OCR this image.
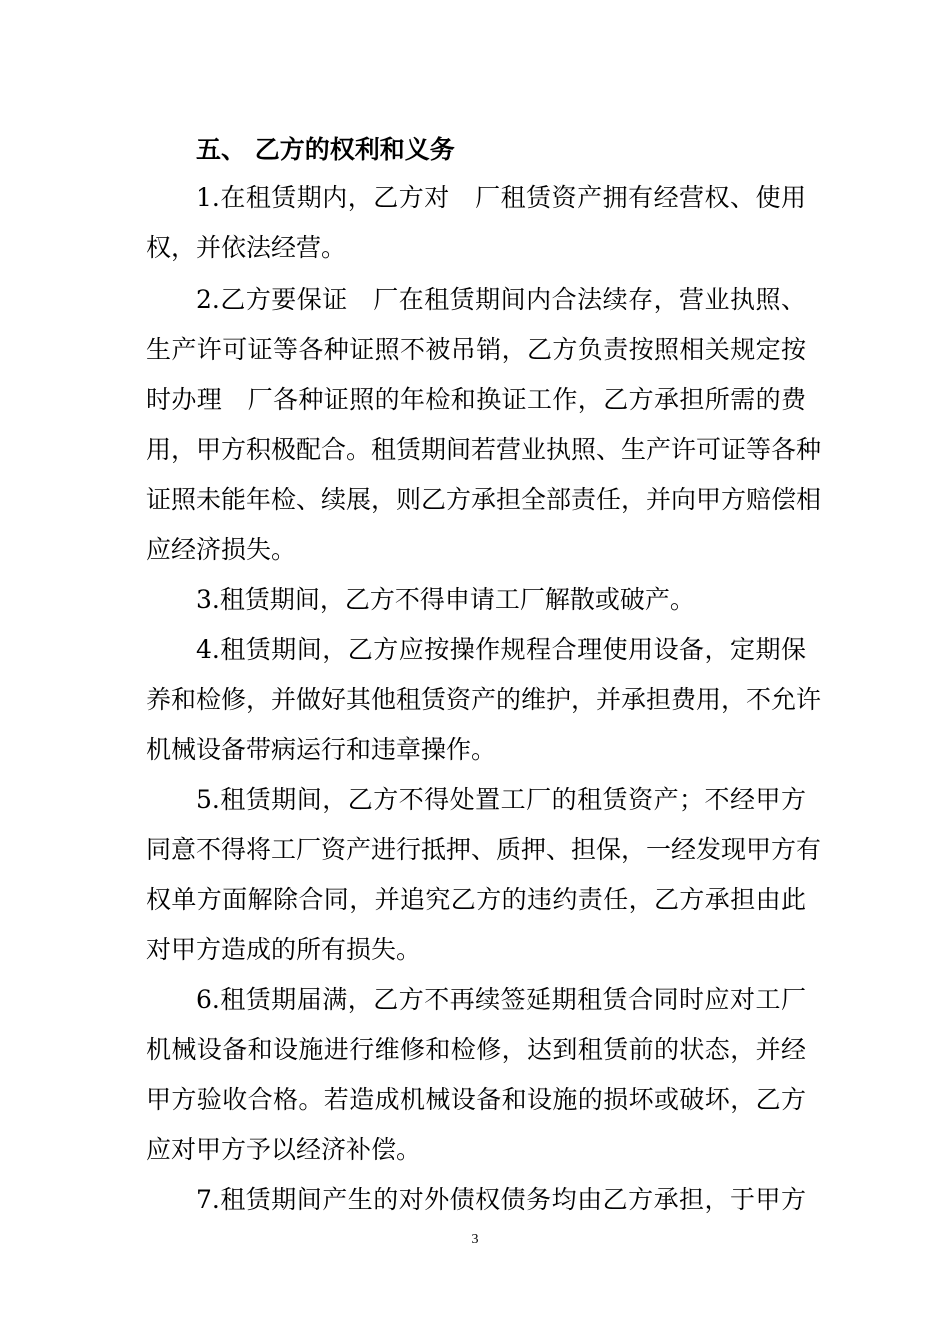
五、 乙方的权利和义务
1.在租赁期内，乙方对　厂租赁资产拥有经营权、使用
权，并依法经营。
2.乙方要保证　厂在租赁期间内合法续存，营业执照、
生产许可证等各种证照不被吊销，乙方负责按照相关规定按
时办理　厂各种证照的年检和换证工作，乙方承担所需的费
用，甲方积极配合。租赁期间若营业执照、生产许可证等各种
证照未能年检、续展，则乙方承担全部责任，并向甲方赔偿相
应经济损失。
3.租赁期间，乙方不得申请工厂解散或破产。
4.租赁期间，乙方应按操作规程合理使用设备，定期保
养和检修，并做好其他租赁资产的维护，并承担费用，不允许
机械设备带病运行和违章操作。
5.租赁期间，乙方不得处置工厂的租赁资产；不经甲方
同意不得将工厂资产进行抵押、质押、担保，一经发现甲方有
权单方面解除合同，并追究乙方的违约责任，乙方承担由此
对甲方造成的所有损失。
6.租赁期届满，乙方不再续签延期租赁合同时应对工厂
机械设备和设施进行维修和检修，达到租赁前的状态，并经
甲方验收合格。若造成机械设备和设施的损坏或破坏，乙方
应对甲方予以经济补偿。
7.租赁期间产生的对外债权债务均由乙方承担，于甲方
3
